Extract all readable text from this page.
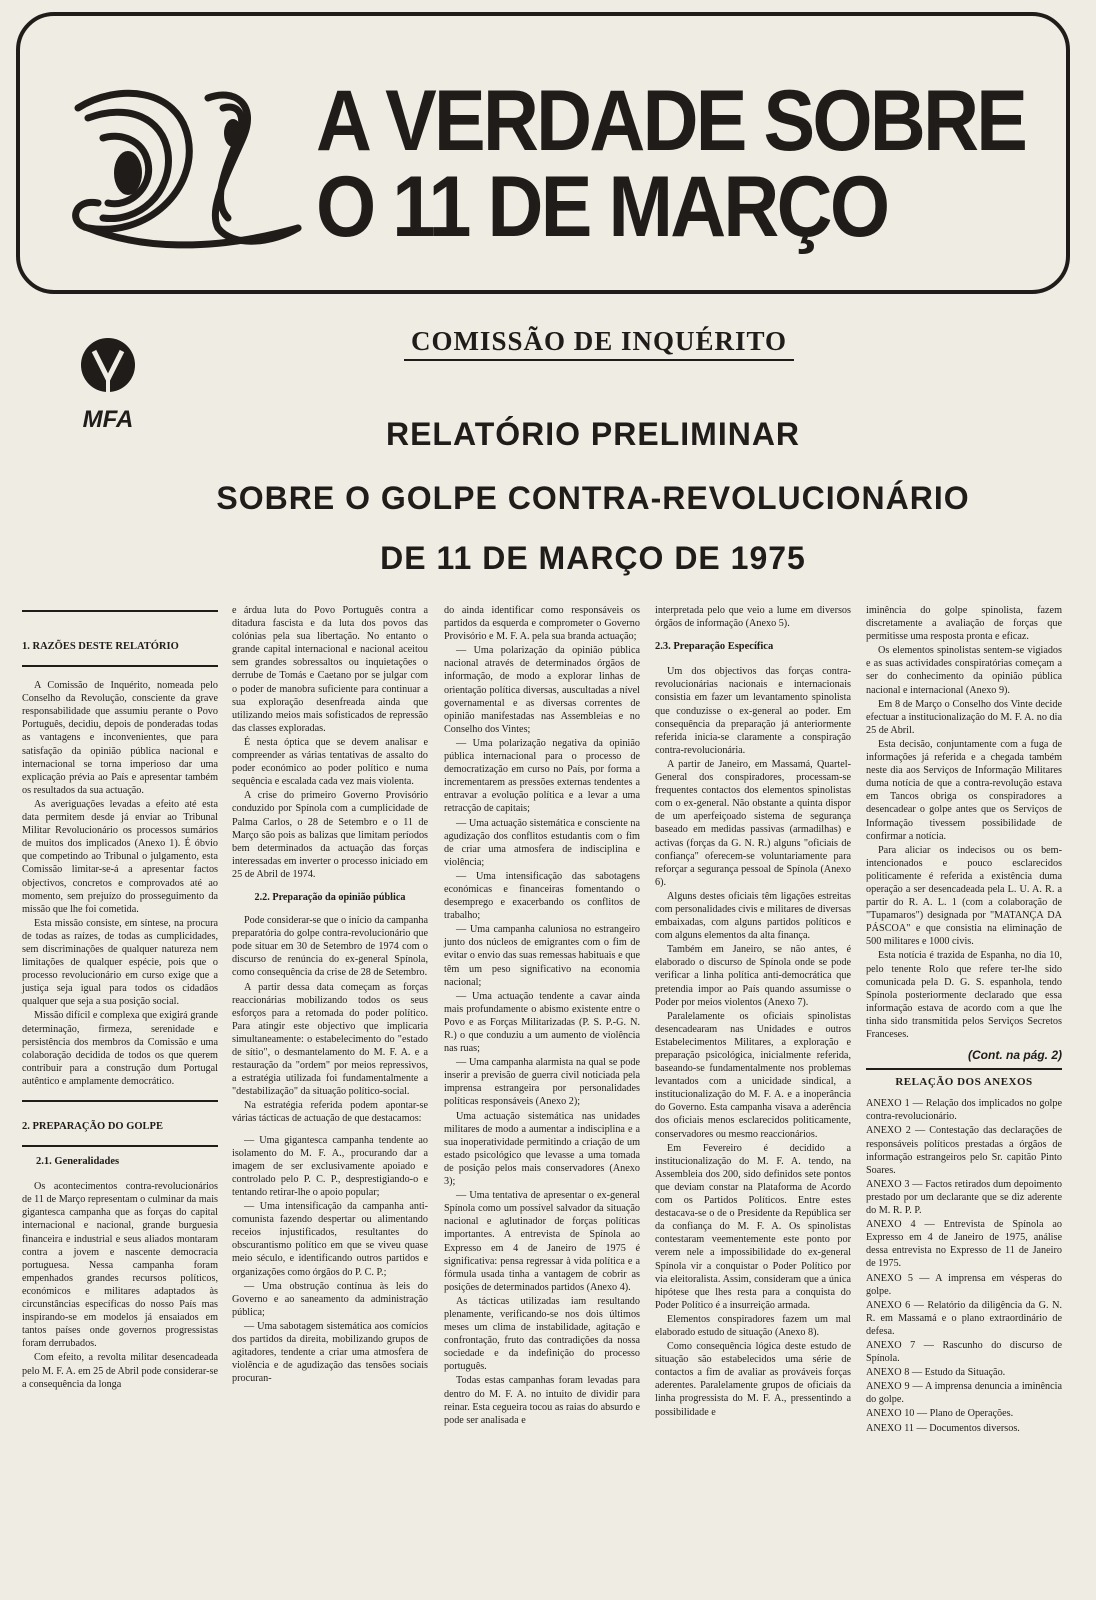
A VERDADE SOBRE
O 11 DE MARÇO
MFA
COMISSÃO DE INQUÉRITO
RELATÓRIO PRELIMINAR
SOBRE O GOLPE CONTRA-REVOLUCIONÁRIO
DE 11 DE MARÇO DE 1975

1. RAZÕES DESTE RELATÓRIO

A Comissão de Inquérito, nomeada pelo Conselho da Revolução, consciente da grave responsabilidade que assumiu perante o Povo Português, decidiu, depois de ponderadas todas as vantagens e inconvenientes, que para satisfação da opinião pública nacional e internacional se torna imperioso dar uma explicação prévia ao País e apresentar também os resultados da sua actuação.

As averiguações levadas a efeito até esta data permitem desde já enviar ao Tribunal Militar Revolucionário os processos sumários de muitos dos implicados (Anexo 1). É óbvio que competindo ao Tribunal o julgamento, esta Comissão limitar-se-á a apresentar factos objectivos, concretos e comprovados até ao momento, sem prejuízo do prosseguimento da missão que lhe foi cometida.

Esta missão consiste, em síntese, na procura de todas as raízes, de todas as cumplicidades, sem discriminações de qualquer natureza nem limitações de qualquer espécie, pois que o processo revolucionário em curso exige que a justiça seja igual para todos os cidadãos qualquer que seja a sua posição social.

Missão difícil e complexa que exigirá grande determinação, firmeza, serenidade e persistência dos membros da Comissão e uma colaboração decidida de todos os que querem contribuir para a construção dum Portugal autêntico e amplamente democrático.

2. PREPARAÇÃO DO GOLPE

2.1. Generalidades

Os acontecimentos contra-revolucionários de 11 de Março representam o culminar da mais gigantesca campanha que as forças do capital internacional e nacional, grande burguesia financeira e industrial e seus aliados montaram contra a jovem e nascente democracia portuguesa. Nessa campanha foram empenhados grandes recursos políticos, económicos e militares adaptados às circunstâncias específicas do nosso País mas inspirando-se em modelos já ensaiados em tantos países onde governos progressistas foram derrubados.

Com efeito, a revolta militar desencadeada pelo M. F. A. em 25 de Abril pode considerar-se a consequência da longa

e árdua luta do Povo Português contra a ditadura fascista e da luta dos povos das colónias pela sua libertação. No entanto o grande capital internacional e nacional aceitou sem grandes sobressaltos ou inquietações o derrube de Tomás e Caetano por se julgar com o poder de manobra suficiente para continuar a sua exploração desenfreada ainda que utilizando meios mais sofisticados de repressão das classes exploradas.

É nesta óptica que se devem analisar e compreender as várias tentativas de assalto do poder económico ao poder político e numa sequência e escalada cada vez mais violenta.

A crise do primeiro Governo Provisório conduzido por Spínola com a cumplicidade de Palma Carlos, o 28 de Setembro e o 11 de Março são pois as balizas que limitam períodos bem determinados da actuação das forças interessadas em inverter o processo iniciado em 25 de Abril de 1974.

2.2. Preparação da opinião pública

Pode considerar-se que o início da campanha preparatória do golpe contra-revolucionário que pode situar em 30 de Setembro de 1974 com o discurso de renúncia do ex-general Spínola, como consequência da crise de 28 de Setembro.

A partir dessa data começam as forças reaccionárias mobilizando todos os seus esforços para a retomada do poder político. Para atingir este objectivo que implicaria simultaneamente: o estabelecimento do "estado de sítio", o desmantelamento do M. F. A. e a restauração da "ordem" por meios repressivos, a estratégia utilizada foi fundamentalmente a "destabilização" da situação político-social.

Na estratégia referida podem apontar-se várias tácticas de actuação de que destacamos:

— Uma gigantesca campanha tendente ao isolamento do M. F. A., procurando dar a imagem de ser exclusivamente apoiado e controlado pelo P. C. P., desprestigiando-o e tentando retirar-lhe o apoio popular;

— Uma intensificação da campanha anti-comunista fazendo despertar ou alimentando receios injustificados, resultantes do obscurantismo político em que se viveu quase meio século, e identificando outros partidos e organizações como órgãos do P. C. P.;

— Uma obstrução contínua às leis do Governo e ao saneamento da administração pública;

— Uma sabotagem sistemática aos comícios dos partidos da direita, mobilizando grupos de agitadores, tendente a criar uma atmosfera de violência e de agudização das tensões sociais procuran-

do ainda identificar como responsáveis os partidos da esquerda e comprometer o Governo Provisório e M. F. A. pela sua branda actuação;

— Uma polarização da opinião pública nacional através de determinados órgãos de informação, de modo a explorar linhas de orientação política diversas, auscultadas a nível governamental e as diversas correntes de opinião manifestadas nas Assembleias e no Conselho dos Vintes;

— Uma polarização negativa da opinião pública internacional para o processo de democratização em curso no País, por forma a incrementarem as pressões externas tendentes a entravar a evolução política e a levar a uma retracção de capitais;

— Uma actuação sistemática e consciente na agudização dos conflitos estudantis com o fim de criar uma atmosfera de indisciplina e violência;

— Uma intensificação das sabotagens económicas e financeiras fomentando o desemprego e exacerbando os conflitos de trabalho;

— Uma campanha caluniosa no estrangeiro junto dos núcleos de emigrantes com o fim de evitar o envio das suas remessas habituais e que têm um peso significativo na economia nacional;

— Uma actuação tendente a cavar ainda mais profundamente o abismo existente entre o Povo e as Forças Militarizadas (P. S. P.-G. N. R.) o que conduziu a um aumento de violência nas ruas;

— Uma campanha alarmista na qual se pode inserir a previsão de guerra civil noticiada pela imprensa estrangeira por personalidades políticas responsáveis (Anexo 2);

Uma actuação sistemática nas unidades militares de modo a aumentar a indisciplina e a sua inoperatividade permitindo a criação de um estado psicológico que levasse a uma tomada de posição pelos mais conservadores (Anexo 3);

— Uma tentativa de apresentar o ex-general Spínola como um possível salvador da situação nacional e aglutinador de forças políticas importantes. A entrevista de Spínola ao Expresso em 4 de Janeiro de 1975 é significativa: pensa regressar à vida política e a fórmula usada tinha a vantagem de cobrir as posições de determinados partidos (Anexo 4).

As tácticas utilizadas iam resultando plenamente, verificando-se nos dois últimos meses um clima de instabilidade, agitação e confrontação, fruto das contradições da nossa sociedade e da indefinição do processo português.

Todas estas campanhas foram levadas para dentro do M. F. A. no intuito de dividir para reinar. Esta cegueira tocou as raias do absurdo e pode ser analisada e

interpretada pelo que veio a lume em diversos órgãos de informação (Anexo 5).

2.3. Preparação Específica

Um dos objectivos das forças contra-revolucionárias nacionais e internacionais consistia em fazer um levantamento spinolista que conduzisse o ex-general ao poder. Em consequência da preparação já anteriormente referida inicia-se claramente a conspiração contra-revolucionária.

A partir de Janeiro, em Massamá, Quartel-General dos conspiradores, processam-se frequentes contactos dos elementos spinolistas com o ex-general. Não obstante a quinta dispor de um aperfeiçoado sistema de segurança baseado em medidas passivas (armadilhas) e activas (forças da G. N. R.) alguns "oficiais de confiança" oferecem-se voluntariamente para reforçar a segurança pessoal de Spínola (Anexo 6).

Alguns destes oficiais têm ligações estreitas com personalidades civis e militares de diversas embaixadas, com alguns partidos políticos e com alguns elementos da alta finança.

Também em Janeiro, se não antes, é elaborado o discurso de Spínola onde se pode verificar a linha política anti-democrática que pretendia impor ao País quando assumisse o Poder por meios violentos (Anexo 7).

Paralelamente os oficiais spinolistas desencadearam nas Unidades e outros Estabelecimentos Militares, a exploração e preparação psicológica, inicialmente referida, baseando-se fundamentalmente nos problemas levantados com a unicidade sindical, a institucionalização do M. F. A. e a inoperância do Governo. Esta campanha visava a aderência dos oficiais menos esclarecidos politicamente, conservadores ou mesmo reaccionários.

Em Fevereiro é decidido a institucionalização do M. F. A. tendo, na Assembleia dos 200, sido definidos sete pontos que deviam constar na Plataforma de Acordo com os Partidos Políticos. Entre estes destacava-se o de o Presidente da República ser da confiança do M. F. A. Os spinolistas contestaram veementemente este ponto por verem nele a impossibilidade do ex-general Spínola vir a conquistar o Poder Político por via eleitoralista. Assim, consideram que a única hipótese que lhes resta para a conquista do Poder Político é a insurreição armada.

Elementos conspiradores fazem um mal elaborado estudo de situação (Anexo 8).

Como consequência lógica deste estudo de situação são estabelecidos uma série de contactos a fim de avaliar as prováveis forças aderentes. Paralelamente grupos de oficiais da linha progressista do M. F. A., pressentindo a possibilidade e

iminência do golpe spinolista, fazem discretamente a avaliação de forças que permitisse uma resposta pronta e eficaz.

Os elementos spinolistas sentem-se vigiados e as suas actividades conspiratórias começam a ser do conhecimento da opinião pública nacional e internacional (Anexo 9).

Em 8 de Março o Conselho dos Vinte decide efectuar a institucionalização do M. F. A. no dia 25 de Abril.

Esta decisão, conjuntamente com a fuga de informações já referida e a chegada também neste dia aos Serviços de Informação Militares duma notícia de que a contra-revolução estava em Tancos obriga os conspiradores a desencadear o golpe antes que os Serviços de Informação tivessem possibilidade de confirmar a notícia.

Para aliciar os indecisos ou os bem-intencionados e pouco esclarecidos politicamente é referida a existência duma operação a ser desencadeada pela L. U. A. R. a partir do R. A. L. 1 (com a colaboração de "Tupamaros") designada por "MATANÇA DA PÁSCOA" e que consistia na eliminação de 500 militares e 1000 civis.

Esta notícia é trazida de Espanha, no dia 10, pelo tenente Rolo que refere ter-lhe sido comunicada pela D. G. S. espanhola, tendo Spínola posteriormente declarado que essa informação estava de acordo com a que lhe tinha sido transmitida pelos Serviços Secretos Franceses.

(Cont. na pág. 2)
RELAÇÃO DOS ANEXOS

ANEXO 1 — Relação dos implicados no golpe contra-revolucionário.

ANEXO 2 — Contestação das declarações de responsáveis políticos prestadas a órgãos de informação estrangeiros pelo Sr. capitão Pinto Soares.

ANEXO 3 — Factos retirados dum depoimento prestado por um declarante que se diz aderente do M. R. P. P.

ANEXO 4 — Entrevista de Spínola ao Expresso em 4 de Janeiro de 1975, análise dessa entrevista no Expresso de 11 de Janeiro de 1975.

ANEXO 5 — A imprensa em vésperas do golpe.

ANEXO 6 — Relatório da diligência da G. N. R. em Massamá e o plano extraordinário de defesa.

ANEXO 7 — Rascunho do discurso de Spínola.

ANEXO 8 — Estudo da Situação.

ANEXO 9 — A imprensa denuncia a iminência do golpe.

ANEXO 10 — Plano de Operações.

ANEXO 11 — Documentos diversos.
